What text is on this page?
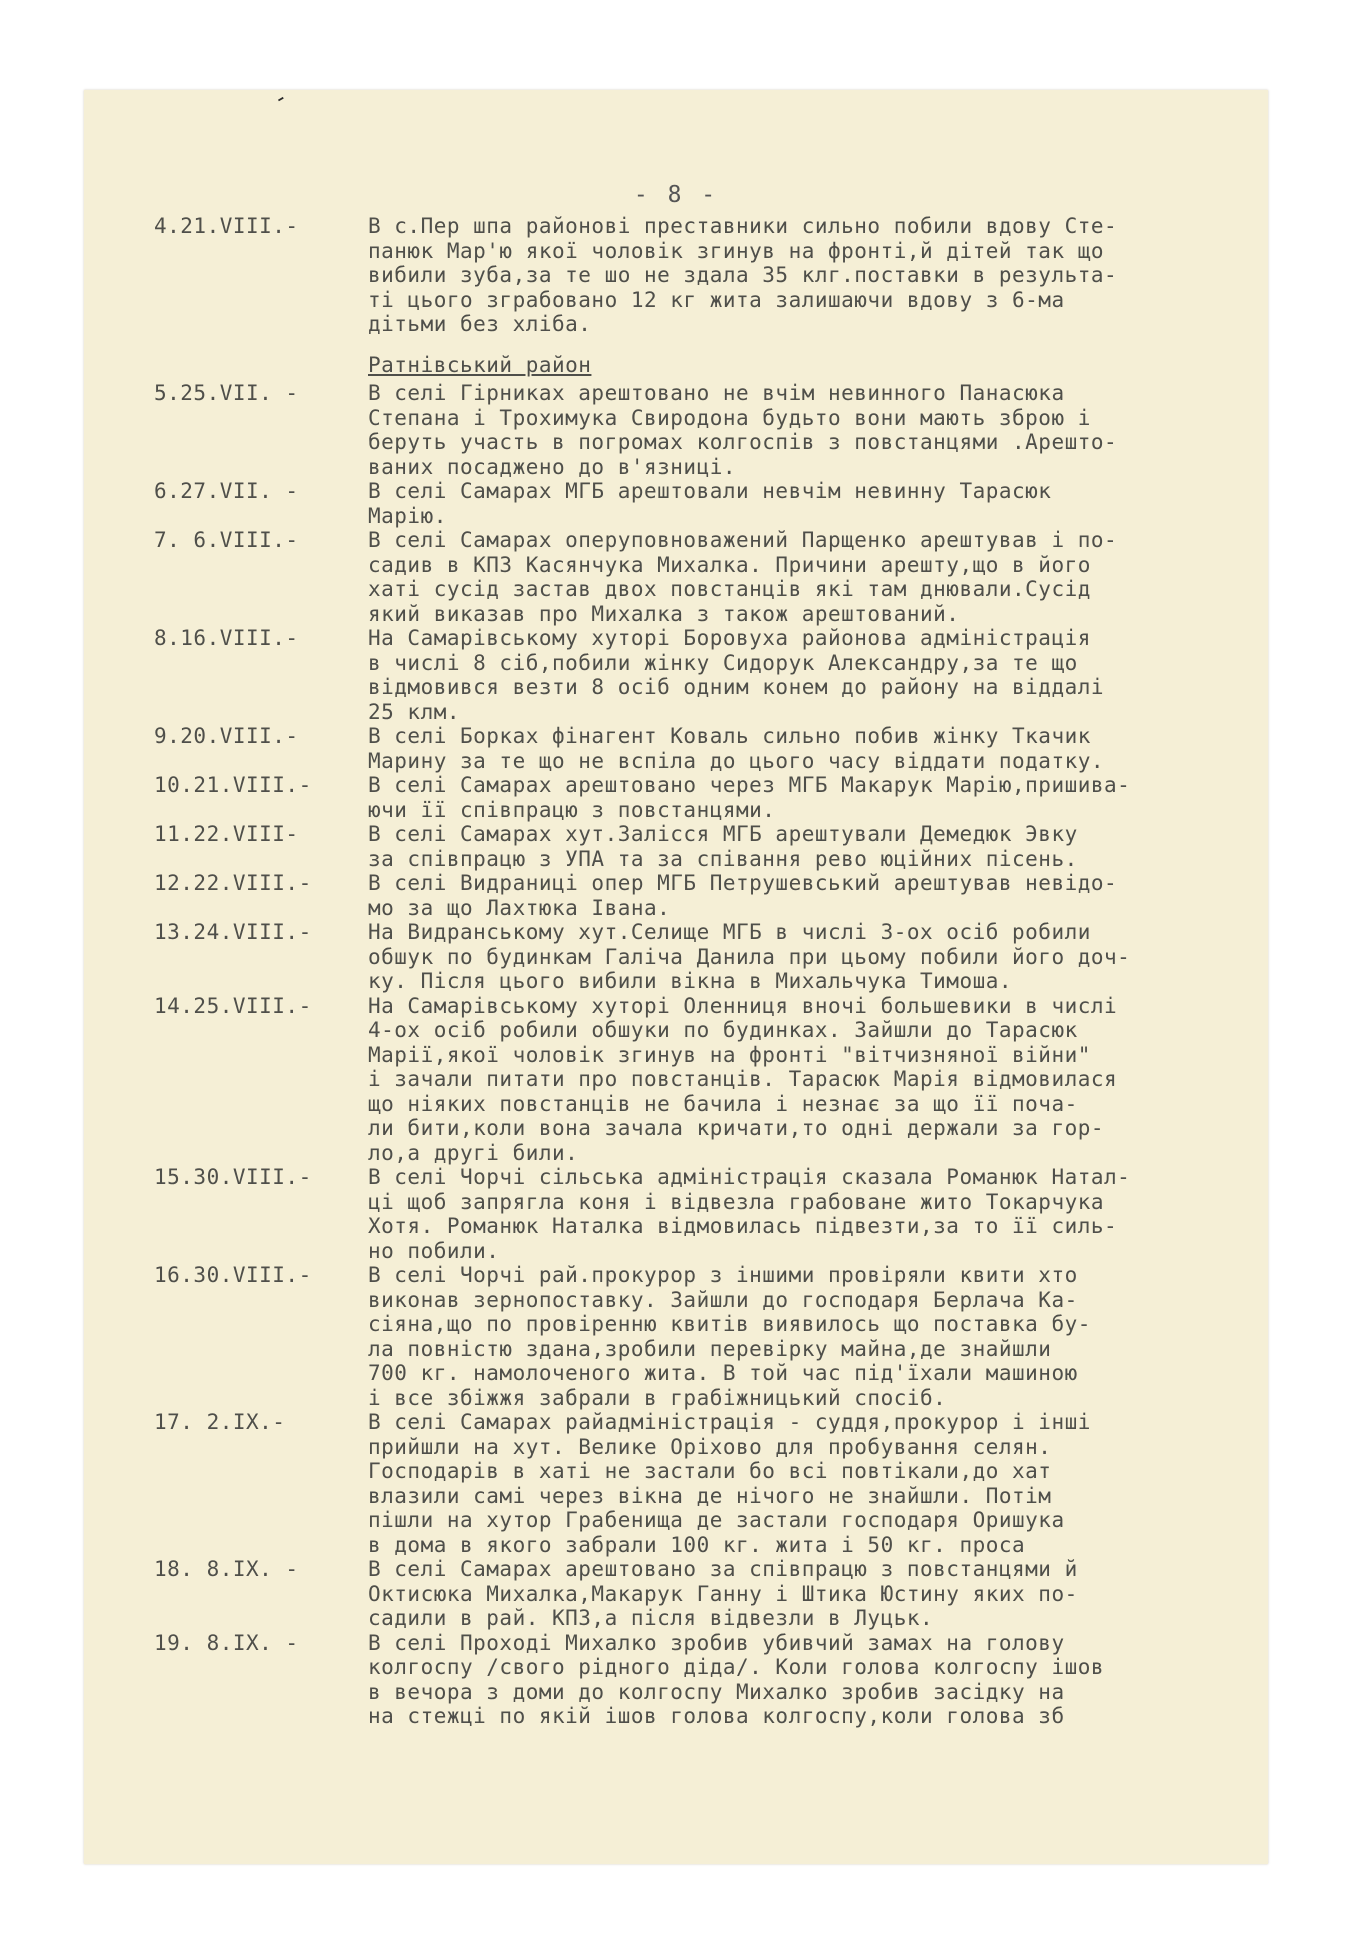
-
- 8 -
4.21.VIII.-	В с.Пер шпа районові преставники сильно побили вдову Сте-
панюк Мар'ю якої чоловік згинув на фронті,й дітей так що
вибили зуба,за те шо не здала 35 клг.поставки в результа-
ті цього зграбовано 12 кг жита залишаючи вдову з 6-ма
дітьми без хліба.
Ратнівський район
5.25.VII. -	В селі Гірниках арештовано не вчім невинного Панасюка
Степана і Трохимука Свиродона будьто вони мають зброю і
беруть участь в погромах колгоспів з повстанцями .Арешто-
ваних посаджено до в'язниці.
6.27.VII. -	В селі Самарах МГБ арештовали невчім невинну Тарасюк
Марію.
7. 6.VIII.-	В селі Самарах оперуповноважений Парщенко арештував і по-
садив в КПЗ Касянчука Михалка. Причини арешту,що в його
хаті сусід застав двох повстанців які там днювали.Сусід
який виказав про Михалка з також арештований.
8.16.VIII.-	На Самарівському хуторі Боровуха районова адміністрація
в числі 8 сіб,побили жінку Сидорук Александру,за те що
відмовився везти 8 осіб одним конем до району на віддалі
25 клм.
9.20.VIII.-	В селі Борках фінагент Коваль сильно побив жінку Ткачик
Марину за те що не вспіла до цього часу віддати податку.
10.21.VIII.-	В селі Самарах арештовано через МГБ Макарук Марію,пришива-
ючи її співпрацю з повстанцями.
11.22.VIII-	В селі Самарах хут.Залісся МГБ арештували Демедюк Эвку
за співпрацю з УПА та за співання рево юційних пісень.
12.22.VIII.-	В селі Видраниці опер МГБ Петрушевський арештував невідо-
мо за що Лахтюка Івана.
13.24.VIII.-	На Видранському хут.Селище МГБ в числі 3-ох осіб робили
обшук по будинкам Галіча Данила при цьому побили його доч-
ку. Після цього вибили вікна в Михальчука Тимоша.
14.25.VIII.-	На Самарівському хуторі Оленниця вночі большевики в числі
4-ох осіб робили обшуки по будинках. Зайшли до Тарасюк
Марії,якої чоловік згинув на фронті "вітчизняної війни"
і зачали питати про повстанців. Тарасюк Марія відмовилася
що ніяких повстанців не бачила і незнає за що її поча-
ли бити,коли вона зачала кричати,то одні держали за гор-
ло,а другі били.
15.30.VIII.-	В селі Чорчі сільська адміністрація сказала Романюк Натал-
ці щоб запрягла коня і відвезла грабоване жито Токарчука
Хотя. Романюк Наталка відмовилась підвезти,за то її силь-
но побили.
16.30.VIII.-	В селі Чорчі рай.прокурор з іншими провіряли квити хто
виконав зернопоставку. Зайшли до господаря Берлача Ка-
сіяна,що по провіренню квитів виявилось що поставка бу-
ла повністю здана,зробили перевірку майна,де знайшли
700 кг. намолоченого жита. В той час під'їхали машиною
і все збіжжя забрали в грабіжницький спосіб.
17. 2.IX.-	В селі Самарах райадміністрація - суддя,прокурор і інші
прийшли на хут. Велике Оріхово для пробування селян.
Господарів в хаті не застали бо всі повтікали,до хат
влазили самі через вікна де нічого не знайшли. Потім
пішли на хутор Грабенища де застали господаря Оришука
в дома в якого забрали 100 кг. жита і 50 кг. проса
18. 8.IX. -	В селі Самарах арештовано за співпрацю з повстанцями й
Октисюка Михалка,Макарук Ганну і Штика Юстину яких по-
садили в рай. КПЗ,а після відвезли в Луцьк.
19. 8.IX. -	В селі Проході Михалко зробив убивчий замах на голову
колгоспу /свого рідного діда/. Коли голова колгоспу ішов
в вечора з доми до колгоспу Михалко зробив засідку на
на стежці по якій ішов голова колгоспу,коли голова зб
